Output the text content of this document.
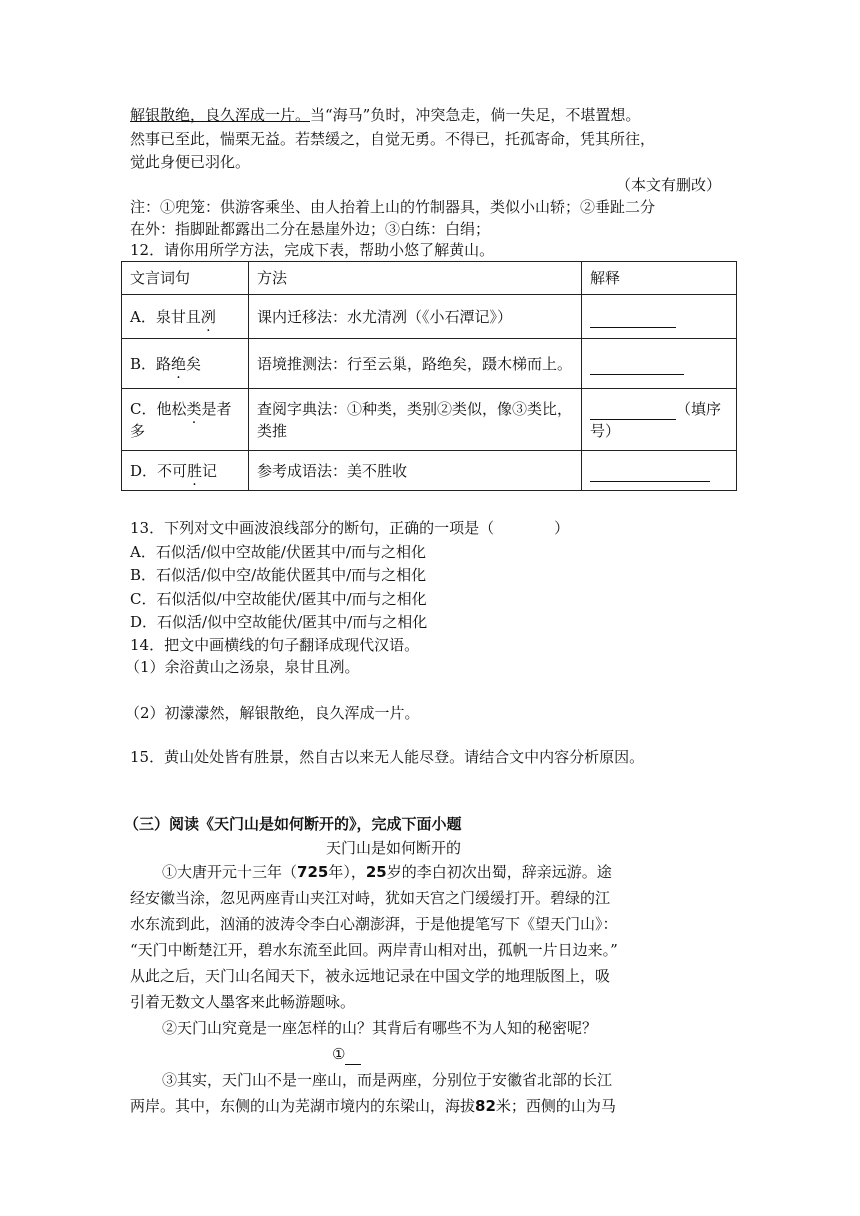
解银散绝，良久浑成一片。当“海马”负时，冲突急走，倘一失足，不堪置想。
然事已至此，惴栗无益。若禁缓之，自觉无勇。不得已，托孤寄命，凭其所往，
觉此身便已羽化。
（本文有删改）
注：①兜笼：供游客乘坐、由人抬着上山的竹制器具，类似小山轿；②垂趾二分
在外：指脚趾都露出二分在悬崖外边；③白练：白绢；
12．请你用所学方法，完成下表，帮助小悠了解黄山。
文言词句	方法	解释
A．泉甘且冽	课内迁移法：水尤清冽（《小石潭记》）	
B．路绝矣	语境推测法：行至云巢，路绝矣，蹑木梯而上。	
C．他松类是者多	查阅字典法：①种类，类别②类似，像③类比，类推	（填序号）
D．不可胜记	参考成语法：美不胜收	
13．下列对文中画波浪线部分的断句，正确的一项是（　　　　）
A．石似活/似中空故能/伏匿其中/而与之相化
B．石似活/似中空/故能伏匿其中/而与之相化
C．石似活似/中空故能伏/匿其中/而与之相化
D．石似活/似中空故能伏/匿其中/而与之相化
14．把文中画横线的句子翻译成现代汉语。
（1）余浴黄山之汤泉，泉甘且冽。
（2）初濛濛然，解银散绝，良久浑成一片。
15．黄山处处皆有胜景，然自古以来无人能尽登。请结合文中内容分析原因。
（三）阅读《天门山是如何断开的》，完成下面小题
天门山是如何断开的
①大唐开元十三年（725年），25岁的李白初次出蜀，辞亲远游。途
经安徽当涂，忽见两座青山夹江对峙，犹如天宫之门缓缓打开。碧绿的江
水东流到此，汹涌的波涛令李白心潮澎湃，于是他提笔写下《望天门山》：
“天门中断楚江开，碧水东流至此回。两岸青山相对出，孤帆一片日边来。”
从此之后，天门山名闻天下，被永远地记录在中国文学的地理版图上，吸
引着无数文人墨客来此畅游题咏。
②天门山究竟是一座怎样的山？其背后有哪些不为人知的秘密呢？
①
③其实，天门山不是一座山，而是两座，分别位于安徽省北部的长江
两岸。其中，东侧的山为芜湖市境内的东梁山，海拔82米；西侧的山为马
